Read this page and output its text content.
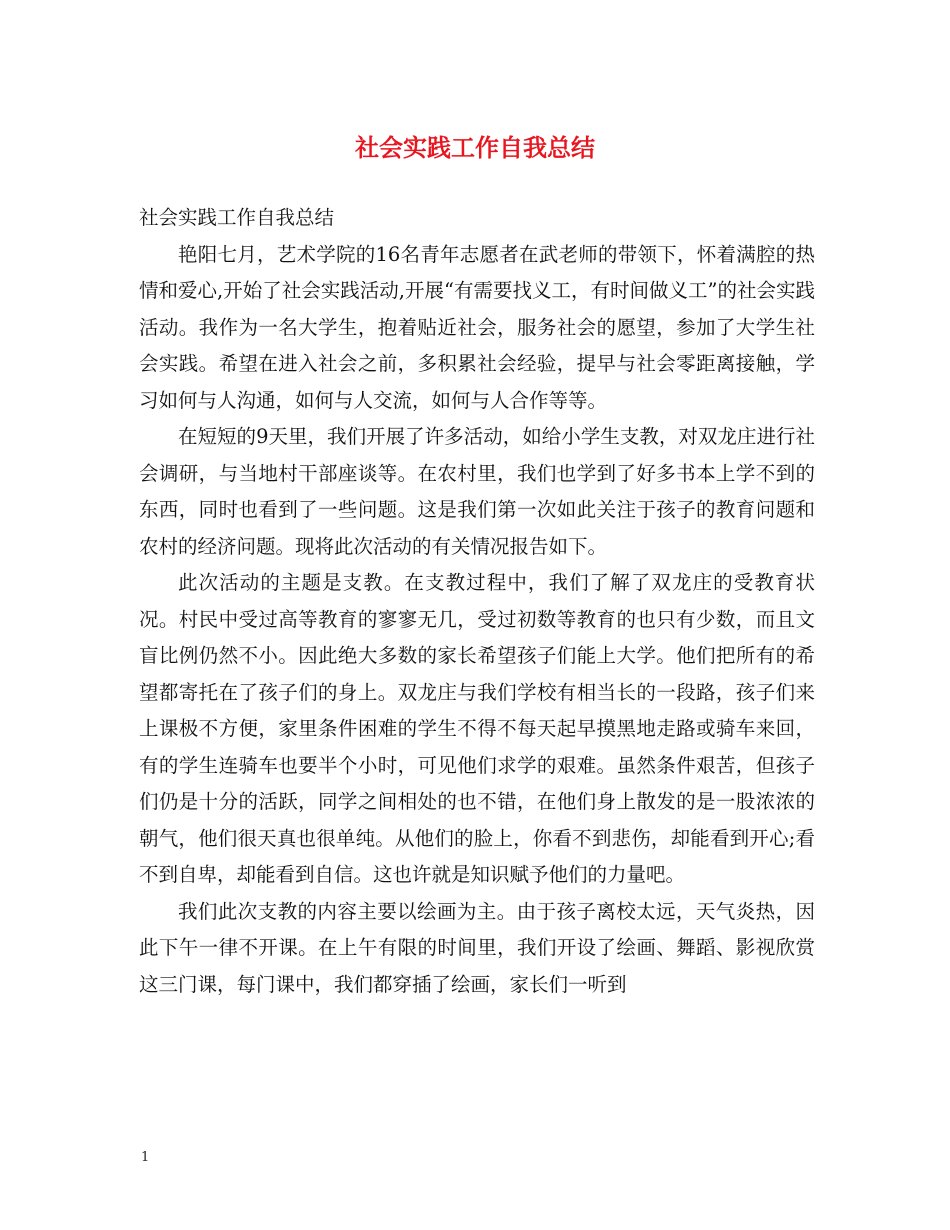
社会实践工作自我总结

社会实践工作自我总结

艳阳七月，艺术学院的16名青年志愿者在武老师的带领下，怀着满腔的热情和爱心,开始了社会实践活动,开展“有需要找义工，有时间做义工”的社会实践活动。我作为一名大学生，抱着贴近社会，服务社会的愿望，参加了大学生社会实践。希望在进入社会之前，多积累社会经验，提早与社会零距离接触，学习如何与人沟通，如何与人交流，如何与人合作等等。

在短短的9天里，我们开展了许多活动，如给小学生支教，对双龙庄进行社会调研，与当地村干部座谈等。在农村里，我们也学到了好多书本上学不到的东西，同时也看到了一些问题。这是我们第一次如此关注于孩子的教育问题和农村的经济问题。现将此次活动的有关情况报告如下。

此次活动的主题是支教。在支教过程中，我们了解了双龙庄的受教育状况。村民中受过高等教育的寥寥无几，受过初数等教育的也只有少数，而且文盲比例仍然不小。因此绝大多数的家长希望孩子们能上大学。他们把所有的希望都寄托在了孩子们的身上。双龙庄与我们学校有相当长的一段路，孩子们来上课极不方便，家里条件困难的学生不得不每天起早摸黑地走路或骑车来回，有的学生连骑车也要半个小时，可见他们求学的艰难。虽然条件艰苦，但孩子们仍是十分的活跃，同学之间相处的也不错，在他们身上散发的是一股浓浓的朝气，他们很天真也很单纯。从他们的脸上，你看不到悲伤，却能看到开心;看不到自卑，却能看到自信。这也许就是知识赋予他们的力量吧。

我们此次支教的内容主要以绘画为主。由于孩子离校太远，天气炎热，因此下午一律不开课。在上午有限的时间里，我们开设了绘画、舞蹈、影视欣赏这三门课，每门课中，我们都穿插了绘画，家长们一听到

1
